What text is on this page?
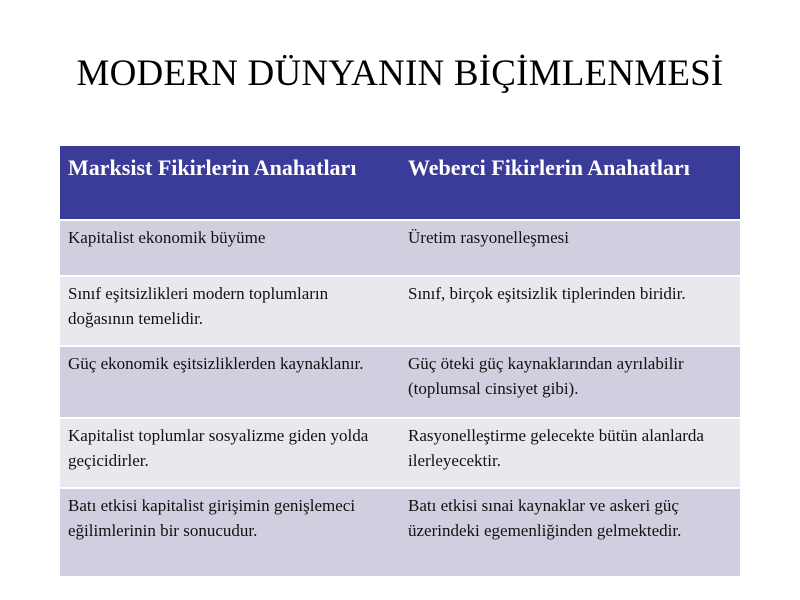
MODERN DÜNYANIN BİÇİMLENMESİ
Marksist Fikirlerin Anahatları	Weberci Fikirlerin Anahatları
Kapitalist ekonomik büyüme	Üretim rasyonelleşmesi
Sınıf eşitsizlikleri modern toplumların doğasının temelidir.	Sınıf, birçok eşitsizlik tiplerinden biridir.
Güç ekonomik eşitsizliklerden kaynaklanır.	Güç öteki güç kaynaklarından ayrılabilir (toplumsal cinsiyet gibi).
Kapitalist toplumlar sosyalizme giden yolda geçicidirler.	Rasyonelleştirme gelecekte bütün alanlarda ilerleyecektir.
Batı etkisi kapitalist girişimin genişlemeci eğilimlerinin bir sonucudur.	Batı etkisi sınai kaynaklar ve askeri güç üzerindeki egemenliğinden gelmektedir.
